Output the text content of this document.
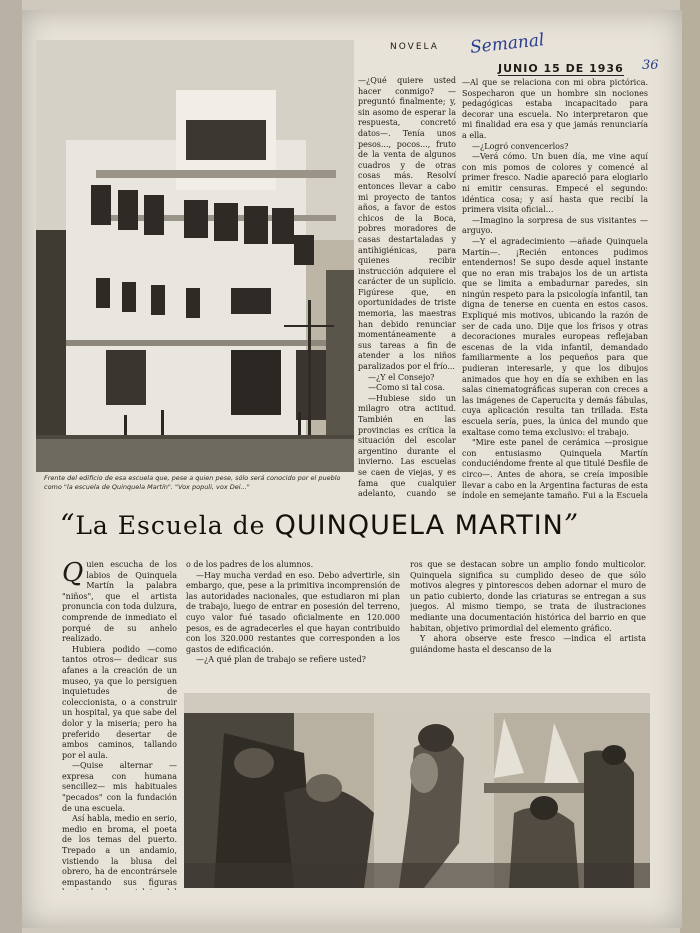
NOVELA Semanal
36
JUNIO 15 DE 1936
Frente del edificio de esa escuela que, pese a quien pese, sólo será conocido por el pueblo como "la escuela de Quinquela Martín". "Vox populi, vox Dei..."

—¿Qué quiere usted hacer conmigo? —preguntó finalmente; y, sin asomo de esperar la respuesta, concretó datos—. Tenía unos pesos..., pocos..., fruto de la venta de algunos cuadros y de otras cosas más. Resolví entonces llevar a cabo mi proyecto de tantos años, a favor de estos chicos de la Boca, pobres moradores de casas destartaladas y antihigiénicas, para quienes recibir instrucción adquiere el carácter de un suplicio. Figúrese que, en oportunidades de triste memoria, las maestras han debido renunciar momentáneamente a sus tareas a fin de atender a los niños paralizados por el frío...

—¿Y el Consejo?

—Como si tal cosa.

—Hubiese sido un milagro otra actitud. También en las provincias es crítica la situación del escolar argentino durante el invierno. Las escuelas se caen de viejas, y es fama que cualquier adelanto, cuando se

—Al que se relaciona con mi obra pictórica. Sospecharon que un hombre sin nociones pedagógicas estaba incapacitado para decorar una escuela. No interpretaron que mi finalidad era esa y que jamás renunciaría a ella.

—¿Logró convencerlos?

—Verá cómo. Un buen día, me vine aquí con mis pomos de colores y comencé al primer fresco. Nadie apareció para elogiarlo ni emitir censuras. Empecé el segundo: idéntica cosa; y así hasta que recibí la primera visita oficial...

—Imagino la sorpresa de sus visitantes —arguyo.

—Y el agradecimiento —añade Quinquela Martín—. ¡Recién entonces pudimos entendernos! Se supo desde aquel instante que no eran mis trabajos los de un artista que se limita a embadurnar paredes, sin ningún respeto para la psicología infantil, tan digna de tenerse en cuenta en estos casos. Expliqué mis motivos, ubicando la razón de ser de cada uno. Dije que los frisos y otras decoraciones murales europeas reflejaban escenas de la vida infantil, demandado familiarmente a los pequeños para que pudieran interesarle, y que los dibujos animados que hoy en día se exhiben en las salas cinematográficas superan con creces a las imágenes de Caperucita y demás fábulas, cuya aplicación resulta tan trillada. Esta escuela sería, pues, la única del mundo que exaltase como tema exclusivo: el trabajo.

"Mire este panel de cerámica —prosigue con entusiasmo Quinquela Martín conduciéndome frente al que titulé Desfile de circo—. Antes de ahora, se creía imposible llevar a cabo en la Argentina facturas de esta índole en semejante tamaño. Fui a la Escuela

“La Escuela de QUINQUELA MARTIN”

Quien escucha de los labios de Quinquela Martín la palabra "niños", que el artista pronuncia con toda dulzura, comprende de inmediato el porqué de su anhelo realizado.

Hubiera podido —como tantos otros— dedicar sus afanes a la creación de un museo, ya que lo persiguen inquietudes de coleccionista, o a construir un hospital, ya que sabe del dolor y la miseria; pero ha preferido desertar de ambos caminos, tallando por el aula.

—Quise alternar —expresa con humana sencillez— mis habituales "pecados" con la fundación de una escuela.

Así habla, medio en serio, medio en broma, el poeta de los temas del puerto. Trepado a un andamio, vistiendo la blusa del obrero, ha de encontrársele empastando sus figuras

o de los padres de los alumnos.

—Hay mucha verdad en eso. Debo advertirle, sin embargo, que, pese a la primitiva incomprensión de las autoridades nacionales, que estudiaron mi plan de trabajo, luego de entrar en posesión del terreno, cuyo valor fué tasado oficialmente en 120.000 pesos, es de agradecerles el que hayan contribuido con los 320.000 restantes que corresponden a los gastos de edificación.

—¿A qué plan de trabajo se refiere usted?

ros que se destacan sobre un amplio fondo multicolor. Quinquela significa su cumplido deseo de que sólo motivos alegres y pintorescos deben adornar el muro de un patio cubierto, donde las criaturas se entregan a sus juegos. Al mismo tiempo, se trata de ilustraciones mediante una documentación histórica del barrio en que habitan, objetivo primordial del elemento gráfico.

Y ahora observe este fresco —indica el artista guiándome hasta el descanso de la
